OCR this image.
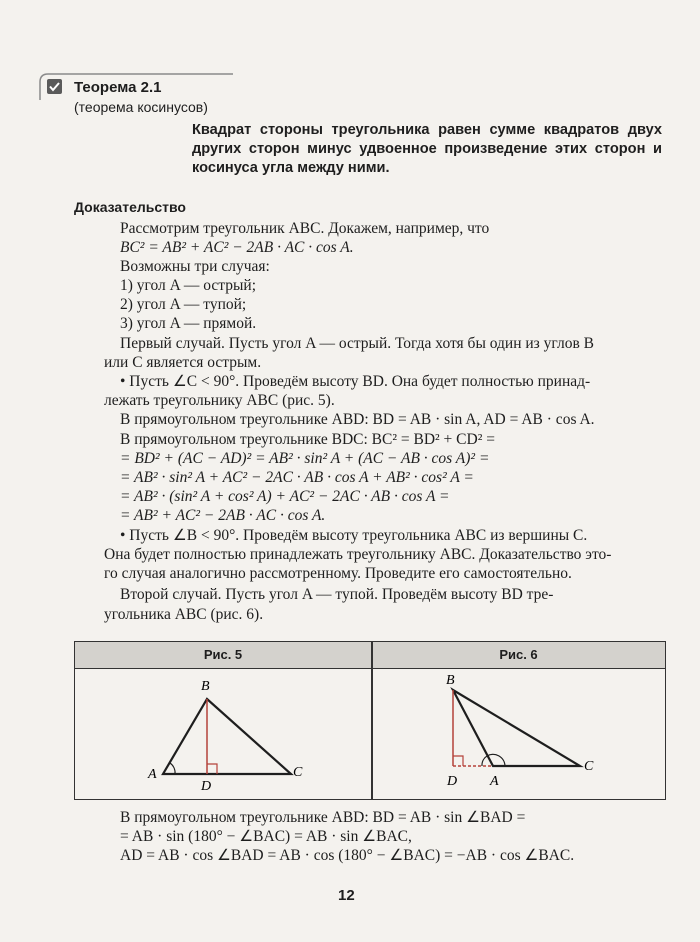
Теорема 2.1
(теорема косинусов)
Квадрат стороны треугольника равен сумме квадратов двух других сторон минус удвоенное произведение этих сторон и косинуса угла между ними.
Доказательство
Рассмотрим треугольник ABC. Докажем, например, что
BC² = AB² + AC² − 2AB · AC · cos A.
Возможны три случая:
1) угол A — острый;
2) угол A — тупой;
3) угол A — прямой.
Первый случай. Пусть угол A — острый. Тогда хотя бы один из углов B
или C является острым.
• Пусть ∠C < 90°. Проведём высоту BD. Она будет полностью принад-
лежать треугольнику ABC (рис. 5).
В прямоугольном треугольнике ABD: BD = AB · sin A, AD = AB · cos A.
В прямоугольном треугольнике BDC: BC² = BD² + CD² =
= BD² + (AC − AD)² = AB² · sin² A + (AC − AB · cos A)² =
= AB² · sin² A + AC² − 2AC · AB · cos A + AB² · cos² A =
= AB² · (sin² A + cos² A) + AC² − 2AC · AB · cos A =
= AB² + AC² − 2AB · AC · cos A.
• Пусть ∠B < 90°. Проведём высоту треугольника ABC из вершины C.
Она будет полностью принадлежать треугольнику ABC. Доказательство это-
го случая аналогично рассмотренному. Проведите его самостоятельно.
Второй случай. Пусть угол A — тупой. Проведём высоту BD тре-
угольника ABC (рис. 6).
Рис. 5	Рис. 6
A
B
C
D
B
D A
C
В прямоугольном треугольнике ABD: BD = AB · sin ∠BAD =
= AB · sin (180° − ∠BAC) = AB · sin ∠BAC,
AD = AB · cos ∠BAD = AB · cos (180° − ∠BAC) = −AB · cos ∠BAC.
12
